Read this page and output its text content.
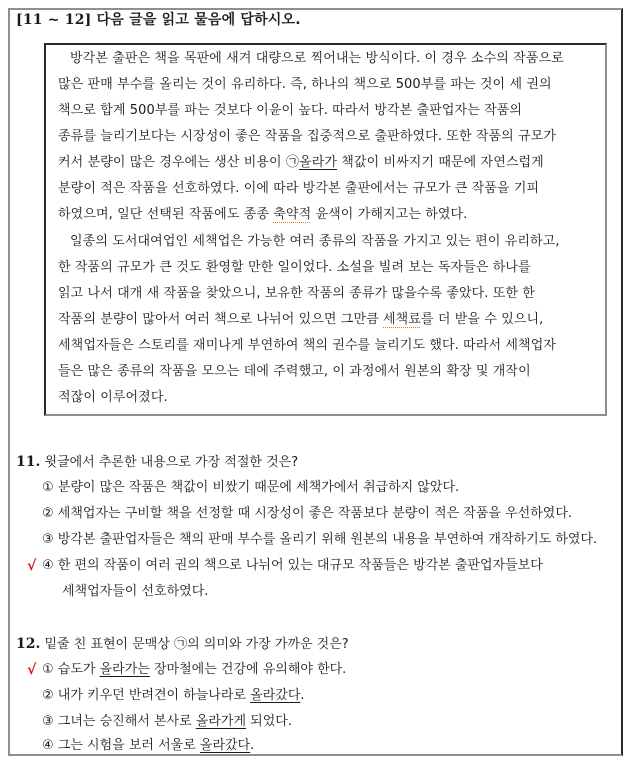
[11 ~ 12] 다음 글을 읽고 물음에 답하시오.
방각본 출판은 책을 목판에 새겨 대량으로 찍어내는 방식이다. 이 경우 소수의 작품으로
많은 판매 부수를 올리는 것이 유리하다. 즉, 하나의 책으로 500부를 파는 것이 세 권의
책으로 합계 500부를 파는 것보다 이윤이 높다. 따라서 방각본 출판업자는 작품의
종류를 늘리기보다는 시장성이 좋은 작품을 집중적으로 출판하였다. 또한 작품의 규모가
커서 분량이 많은 경우에는 생산 비용이 ㉠올라가 책값이 비싸지기 때문에 자연스럽게
분량이 적은 작품을 선호하였다. 이에 따라 방각본 출판에서는 규모가 큰 작품을 기피
하였으며, 일단 선택된 작품에도 종종 축약적 윤색이 가해지고는 하였다.
일종의 도서대여업인 세책업은 가능한 여러 종류의 작품을 가지고 있는 편이 유리하고,
한 작품의 규모가 큰 것도 환영할 만한 일이었다. 소설을 빌려 보는 독자들은 하나를
읽고 나서 대개 새 작품을 찾았으니, 보유한 작품의 종류가 많을수록 좋았다. 또한 한
작품의 분량이 많아서 여러 책으로 나뉘어 있으면 그만큼 세책료를 더 받을 수 있으니,
세책업자들은 스토리를 재미나게 부연하여 책의 권수를 늘리기도 했다. 따라서 세책업자
들은 많은 종류의 작품을 모으는 데에 주력했고, 이 과정에서 원본의 확장 및 개작이
적잖이 이루어졌다.
11. 윗글에서 추론한 내용으로 가장 적절한 것은?
① 분량이 많은 작품은 책값이 비쌌기 때문에 세책가에서 취급하지 않았다.
② 세책업자는 구비할 책을 선정할 때 시장성이 좋은 작품보다 분량이 적은 작품을 우선하였다.
③ 방각본 출판업자들은 책의 판매 부수를 올리기 위해 원본의 내용을 부연하여 개작하기도 하였다.
√ ④ 한 편의 작품이 여러 권의 책으로 나뉘어 있는 대규모 작품들은 방각본 출판업자들보다
세책업자들이 선호하였다.
12. 밑줄 친 표현이 문맥상 ㉠의 의미와 가장 가까운 것은?
√ ① 습도가 올라가는 장마철에는 건강에 유의해야 한다.
② 내가 키우던 반려견이 하늘나라로 올라갔다.
③ 그녀는 승진해서 본사로 올라가게 되었다.
④ 그는 시험을 보러 서울로 올라갔다.
